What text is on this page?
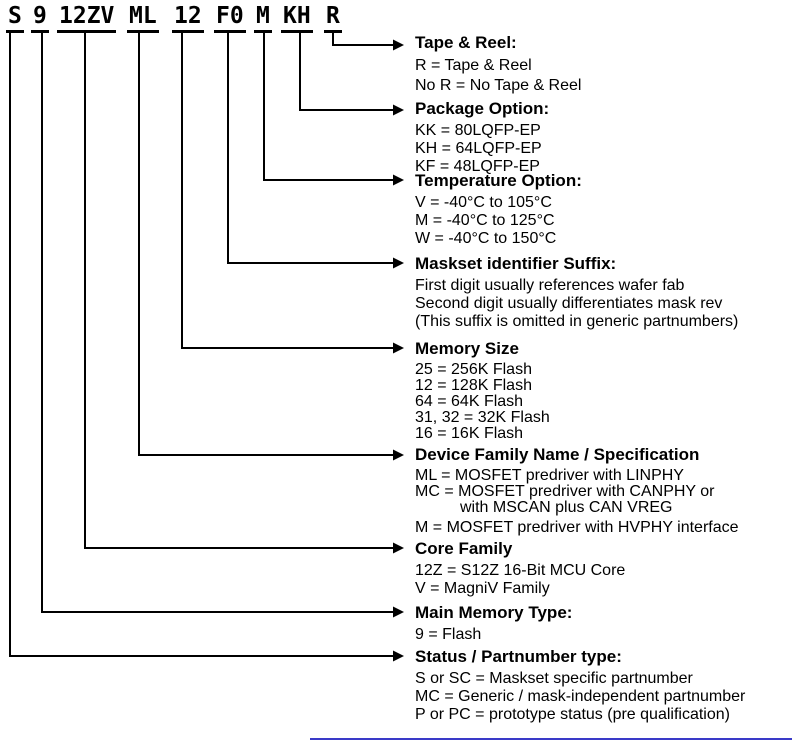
S 9 12ZV ML 12 F0 M KH R
Tape & Reel:
R = Tape & Reel
No R = No Tape & Reel
Package Option:
KK = 80LQFP-EP
KH = 64LQFP-EP
KF = 48LQFP-EP
Temperature Option:
V = -40°C to 105°C
M = -40°C to 125°C
W = -40°C to 150°C
Maskset identifier Suffix:
First digit usually references wafer fab
Second digit usually differentiates mask rev
(This suffix is omitted in generic partnumbers)
Memory Size
25 = 256K Flash
12 = 128K Flash
64 = 64K Flash
31, 32 = 32K Flash
16 = 16K Flash
Device Family Name / Specification
ML = MOSFET predriver with LINPHY
MC = MOSFET predriver with CANPHY or
with MSCAN plus CAN VREG
M = MOSFET predriver with HVPHY interface
Core Family
12Z = S12Z 16-Bit MCU Core
V = MagniV Family
Main Memory Type:
9 = Flash
Status / Partnumber type:
S or SC = Maskset specific partnumber
MC = Generic / mask-independent partnumber
P or PC = prototype status (pre qualification)
